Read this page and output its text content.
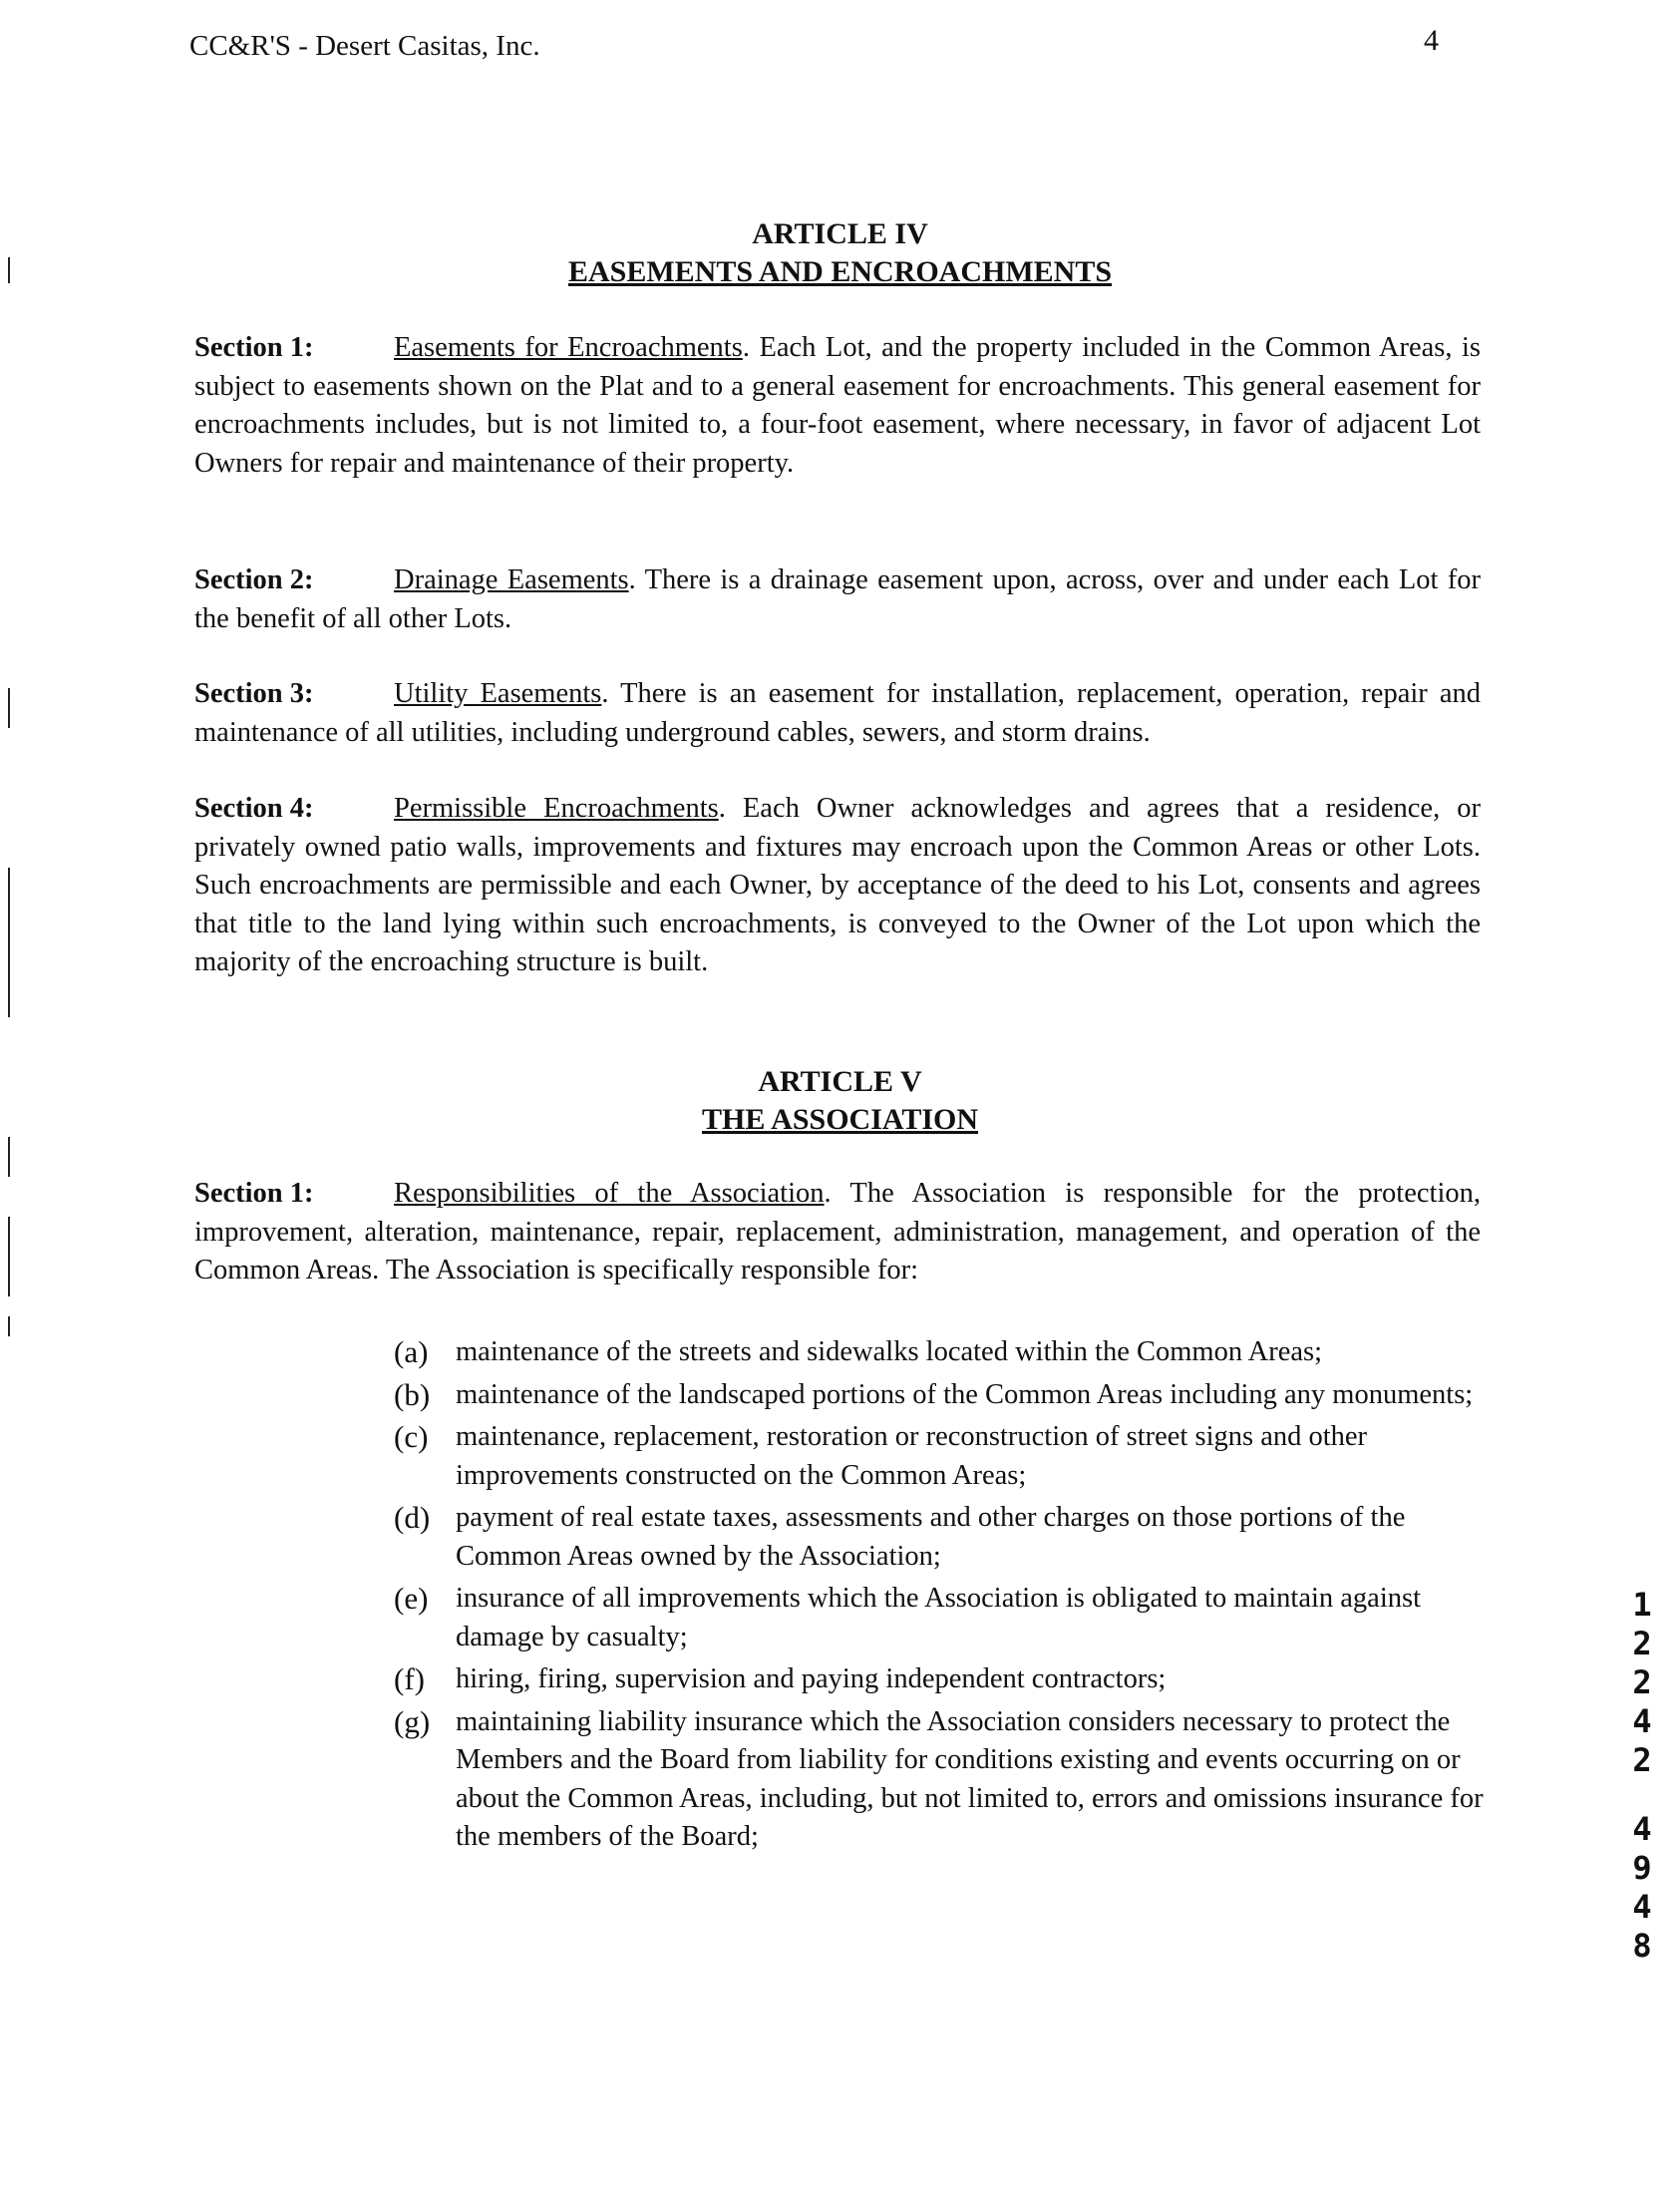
CC&R'S - Desert Casitas, Inc.	4
ARTICLE IV
EASEMENTS AND ENCROACHMENTS
Section 1:	Easements for Encroachments. Each Lot, and the property included in the Common Areas, is subject to easements shown on the Plat and to a general easement for encroachments. This general easement for encroachments includes, but is not limited to, a four-foot easement, where necessary, in favor of adjacent Lot Owners for repair and maintenance of their property.
Section 2:	Drainage Easements. There is a drainage easement upon, across, over and under each Lot for the benefit of all other Lots.
Section 3:	Utility Easements. There is an easement for installation, replacement, operation, repair and maintenance of all utilities, including underground cables, sewers, and storm drains.
Section 4:	Permissible Encroachments. Each Owner acknowledges and agrees that a residence, or privately owned patio walls, improvements and fixtures may encroach upon the Common Areas or other Lots. Such encroachments are permissible and each Owner, by acceptance of the deed to his Lot, consents and agrees that title to the land lying within such encroachments, is conveyed to the Owner of the Lot upon which the majority of the encroaching structure is built.
ARTICLE V
THE ASSOCIATION
Section 1:	Responsibilities of the Association. The Association is responsible for the protection, improvement, alteration, maintenance, repair, replacement, administration, management, and operation of the Common Areas. The Association is specifically responsible for:
(a) maintenance of the streets and sidewalks located within the Common Areas;
(b) maintenance of the landscaped portions of the Common Areas including any monuments;
(c) maintenance, replacement, restoration or reconstruction of street signs and other improvements constructed on the Common Areas;
(d) payment of real estate taxes, assessments and other charges on those portions of the Common Areas owned by the Association;
(e) insurance of all improvements which the Association is obligated to maintain against damage by casualty;
(f)	hiring, firing, supervision and paying independent contractors;
(g) maintaining liability insurance which the Association considers necessary to protect the Members and the Board from liability for conditions existing and events occurring on or about the Common Areas, including, but not limited to, errors and omissions insurance for the members of the Board;
1
2
2
4
2
4
9
4
8
